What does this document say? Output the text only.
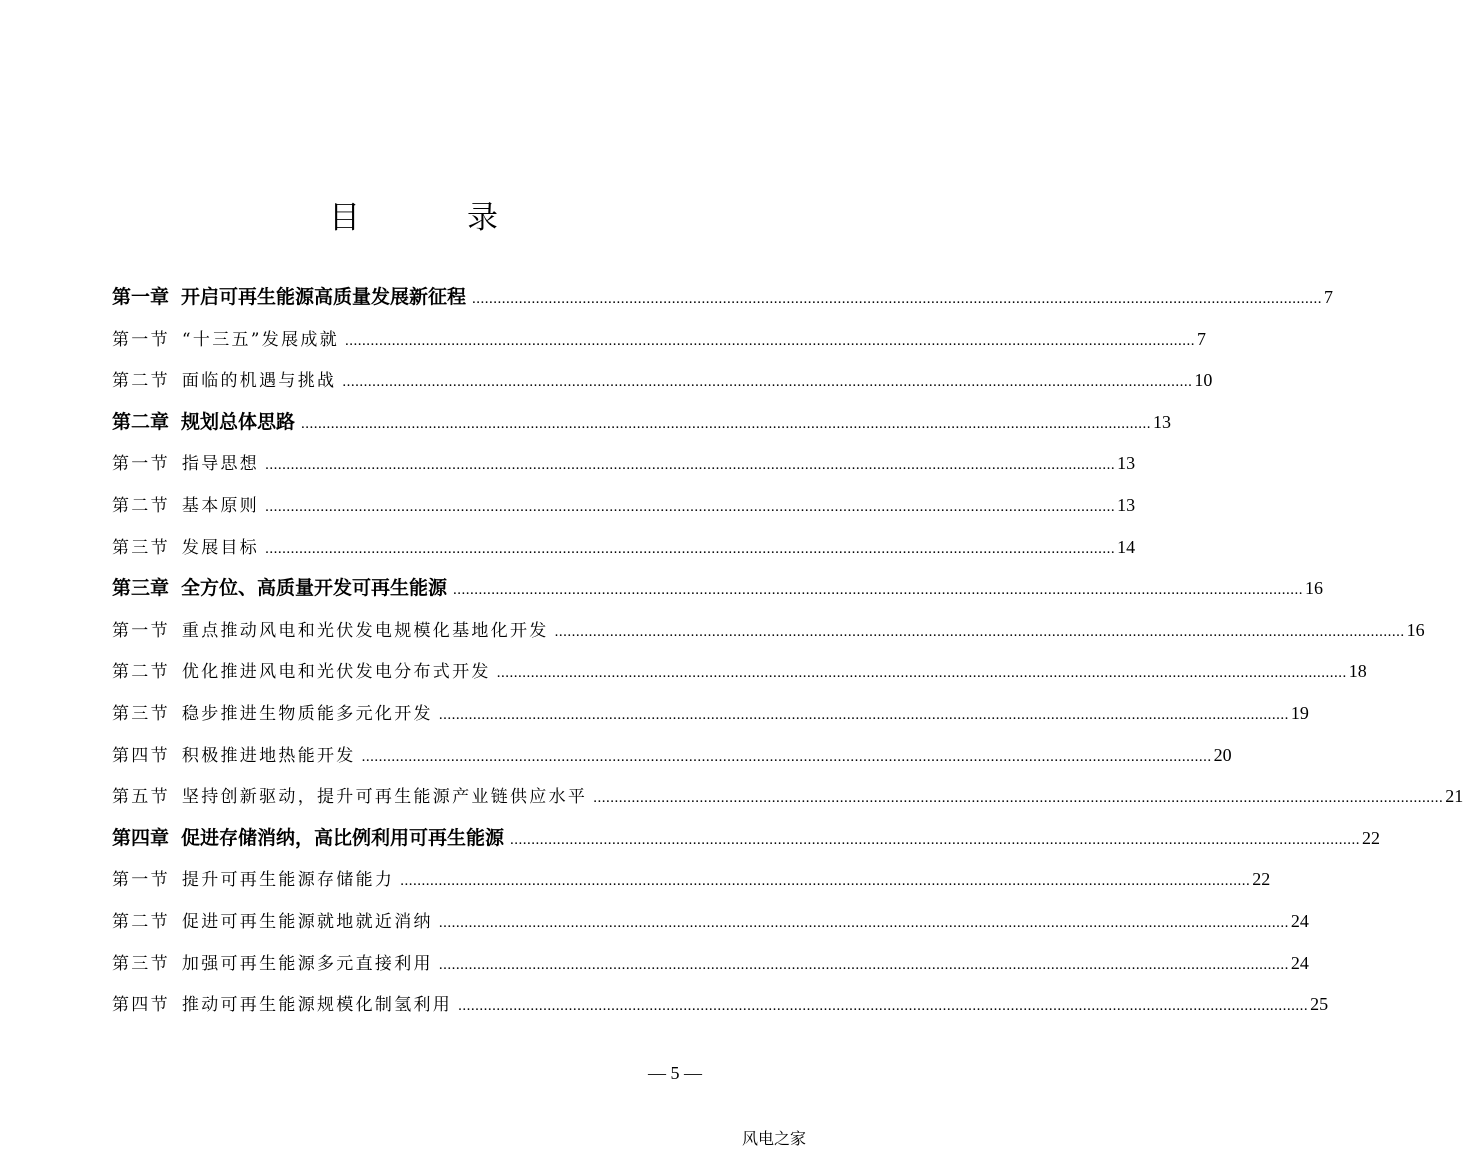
目　录
第一章 开启可再生能源高质量发展新征程 ........................................................................................................................................................................................................ 7
第一节 “十三五”发展成就 ........................................................................................................................................................................................................ 7
第二节 面临的机遇与挑战 ........................................................................................................................................................................................................ 10
第二章 规划总体思路 ........................................................................................................................................................................................................ 13
第一节 指导思想 ........................................................................................................................................................................................................ 13
第二节 基本原则 ........................................................................................................................................................................................................ 13
第三节 发展目标 ........................................................................................................................................................................................................ 14
第三章 全方位、高质量开发可再生能源 ........................................................................................................................................................................................................ 16
第一节 重点推动风电和光伏发电规模化基地化开发 ........................................................................................................................................................................................................ 16
第二节 优化推进风电和光伏发电分布式开发 ........................................................................................................................................................................................................ 18
第三节 稳步推进生物质能多元化开发 ........................................................................................................................................................................................................ 19
第四节 积极推进地热能开发 ........................................................................................................................................................................................................ 20
第五节 坚持创新驱动，提升可再生能源产业链供应水平 ........................................................................................................................................................................................................ 21
第四章 促进存储消纳，高比例利用可再生能源 ........................................................................................................................................................................................................ 22
第一节 提升可再生能源存储能力 ........................................................................................................................................................................................................ 22
第二节 促进可再生能源就地就近消纳 ........................................................................................................................................................................................................ 24
第三节 加强可再生能源多元直接利用 ........................................................................................................................................................................................................ 24
第四节 推动可再生能源规模化制氢利用 ........................................................................................................................................................................................................ 25
— 5 —
风电之家
